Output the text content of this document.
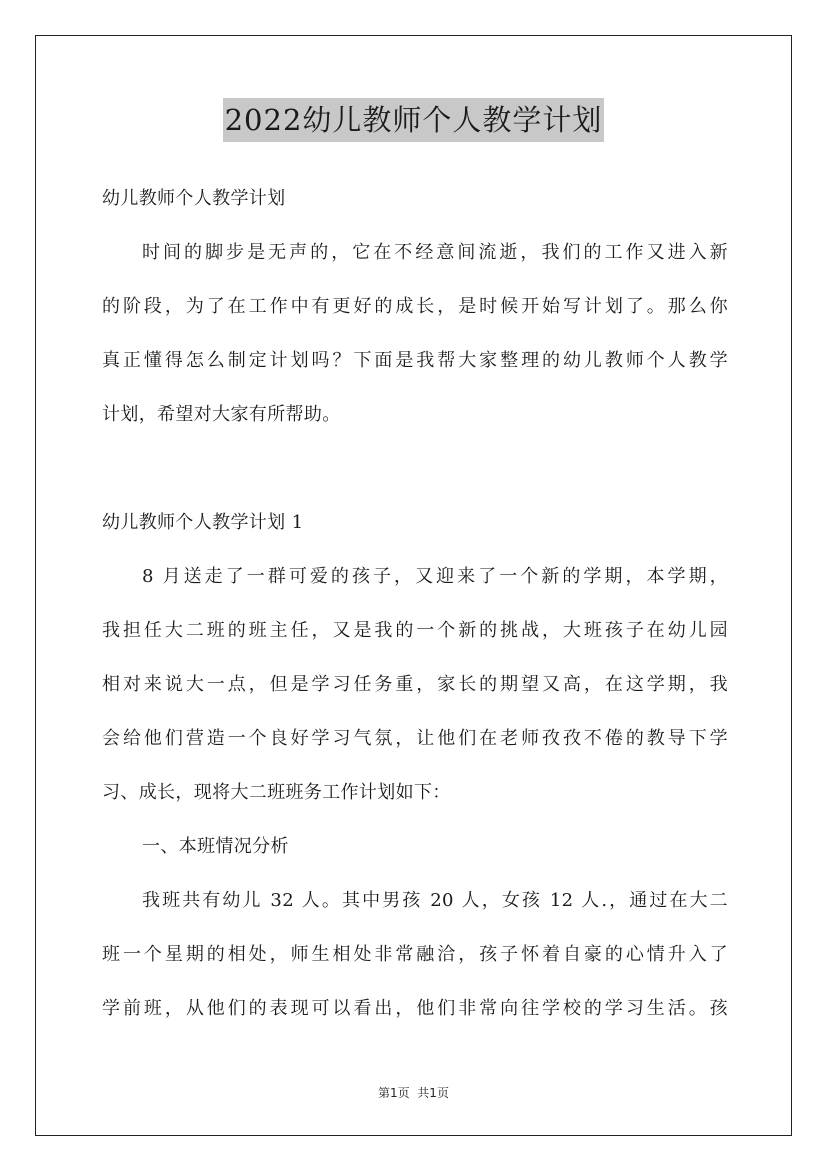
2022幼儿教师个人教学计划
幼儿教师个人教学计划
时间的脚步是无声的，它在不经意间流逝，我们的工作又进入新
的阶段，为了在工作中有更好的成长，是时候开始写计划了。那么你
真正懂得怎么制定计划吗？下面是我帮大家整理的幼儿教师个人教学
计划，希望对大家有所帮助。
幼儿教师个人教学计划 1
8 月送走了一群可爱的孩子，又迎来了一个新的学期，本学期，
我担任大二班的班主任，又是我的一个新的挑战，大班孩子在幼儿园
相对来说大一点，但是学习任务重，家长的期望又高，在这学期，我
会给他们营造一个良好学习气氛，让他们在老师孜孜不倦的教导下学
习、成长，现将大二班班务工作计划如下：
一、本班情况分析
我班共有幼儿 32 人。其中男孩 20 人，女孩 12 人.，通过在大二
班一个星期的相处，师生相处非常融洽，孩子怀着自豪的心情升入了
学前班，从他们的表现可以看出，他们非常向往学校的学习生活。孩
第1页  共1页
